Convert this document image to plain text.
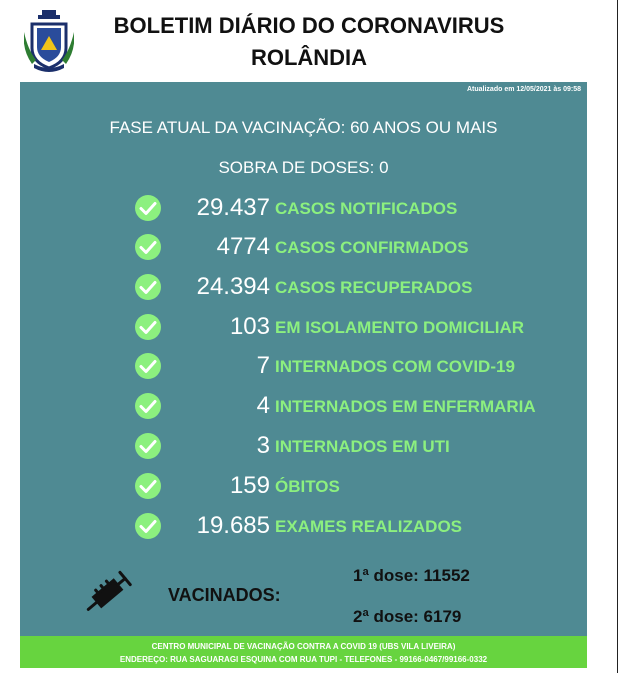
BOLETIM DIÁRIO DO CORONAVIRUS
ROLÂNDIA
Atualizado em 12/05/2021 às 09:58
FASE ATUAL DA VACINAÇÃO: 60 ANOS OU MAIS
SOBRA DE DOSES: 0
29.437 CASOS NOTIFICADOS
4774 CASOS CONFIRMADOS
24.394 CASOS RECUPERADOS
103 EM ISOLAMENTO DOMICILIAR
7 INTERNADOS COM COVID-19
4 INTERNADOS EM ENFERMARIA
3 INTERNADOS EM UTI
159 ÓBITOS
19.685 EXAMES REALIZADOS
VACINADOS:
1ª dose: 11552
2ª dose: 6179
CENTRO MUNICIPAL DE VACINAÇÃO CONTRA A COVID 19 (UBS VILA LIVEIRA)
ENDEREÇO: RUA SAGUARAGI ESQUINA COM RUA TUPI - TELEFONES - 99166-0467/99166-0332
